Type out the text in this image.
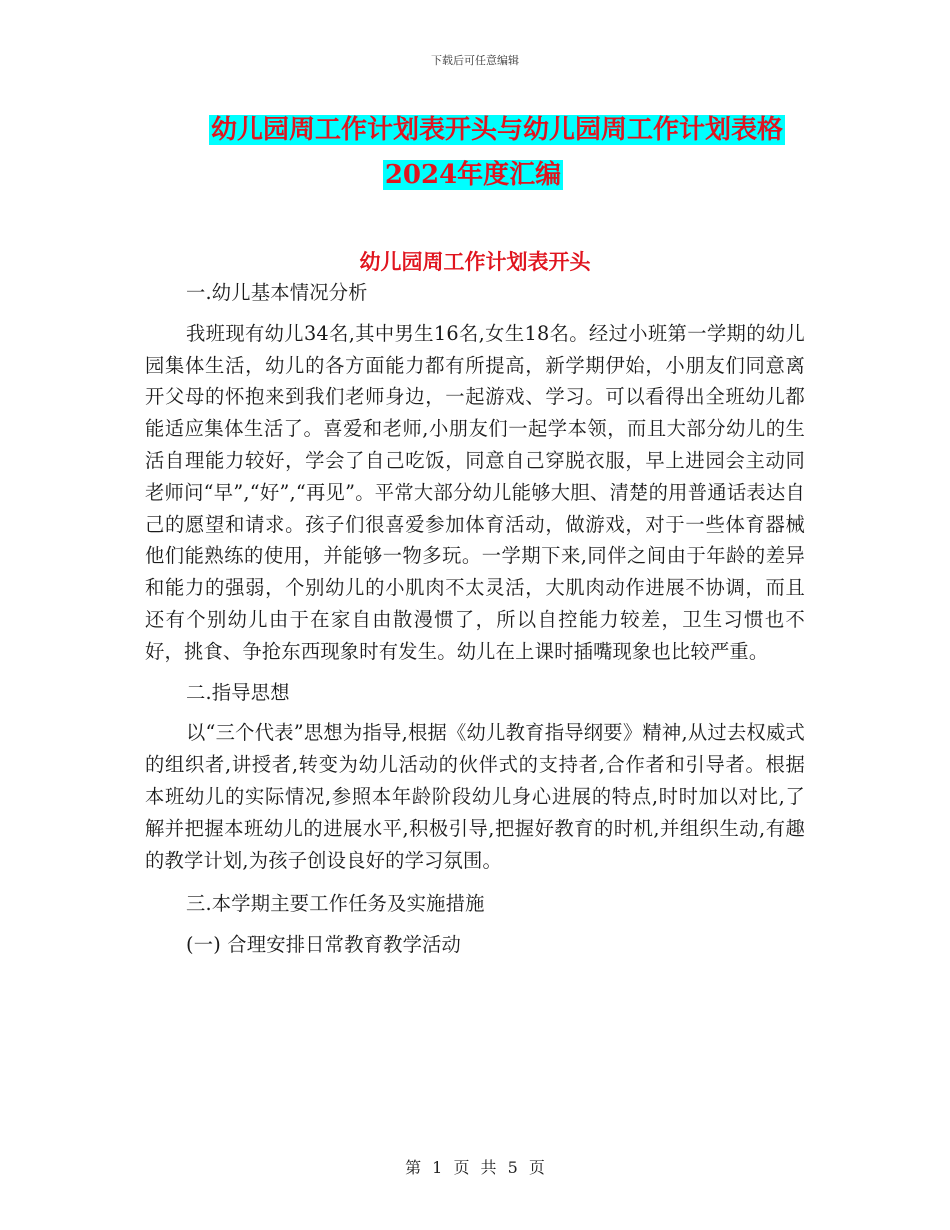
下载后可任意编辑
幼儿园周工作计划表开头与幼儿园周工作计划表格
2024年度汇编
幼儿园周工作计划表开头

一.幼儿基本情况分析

我班现有幼儿34名,其中男生16名,女生18名。经过小班第一学期的幼儿园集体生活，幼儿的各方面能力都有所提高，新学期伊始，小朋友们同意离开父母的怀抱来到我们老师身边，一起游戏、学习。可以看得出全班幼儿都能适应集体生活了。喜爱和老师,小朋友们一起学本领，而且大部分幼儿的生活自理能力较好，学会了自己吃饭，同意自己穿脱衣服，早上进园会主动同老师问“早”,“好”,“再见”。平常大部分幼儿能够大胆、清楚的用普通话表达自己的愿望和请求。孩子们很喜爱参加体育活动，做游戏，对于一些体育器械他们能熟练的使用，并能够一物多玩。一学期下来,同伴之间由于年龄的差异和能力的强弱，个别幼儿的小肌肉不太灵活，大肌肉动作进展不协调，而且还有个别幼儿由于在家自由散漫惯了，所以自控能力较差，卫生习惯也不好，挑食、争抢东西现象时有发生。幼儿在上课时插嘴现象也比较严重。

二.指导思想

以“三个代表”思想为指导,根据《幼儿教育指导纲要》精神,从过去权威式的组织者,讲授者,转变为幼儿活动的伙伴式的支持者,合作者和引导者。根据本班幼儿的实际情况,参照本年龄阶段幼儿身心进展的特点,时时加以对比,了解并把握本班幼儿的进展水平,积极引导,把握好教育的时机,并组织生动,有趣的教学计划,为孩子创设良好的学习氛围。

三.本学期主要工作任务及实施措施

(一) 合理安排日常教育教学活动

第 1 页 共 5 页
